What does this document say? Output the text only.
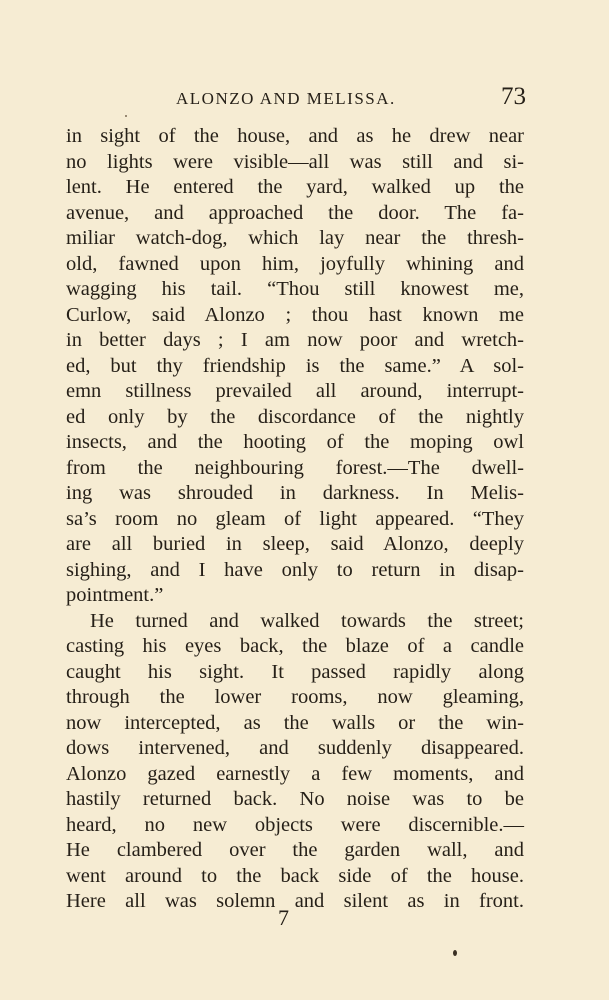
ALONZO AND MELISSA.	73
in sight of the house, and as he drew near
no lights were visible—all was still and si-
lent. He entered the yard, walked up the
avenue, and approached the door. The fa-
miliar watch-dog, which lay near the thresh-
old, fawned upon him, joyfully whining and
wagging his tail. “Thou still knowest me,
Curlow, said Alonzo ; thou hast known me
in better days ; I am now poor and wretch-
ed, but thy friendship is the same.” A sol-
emn stillness prevailed all around, interrupt-
ed only by the discordance of the nightly
insects, and the hooting of the moping owl
from the neighbouring forest.—The dwell-
ing was shrouded in darkness. In Melis-
sa’s room no gleam of light appeared. “They
are all buried in sleep, said Alonzo, deeply
sighing, and I have only to return in disap-
pointment.”
He turned and walked towards the street;
casting his eyes back, the blaze of a candle
caught his sight. It passed rapidly along
through the lower rooms, now gleaming,
now intercepted, as the walls or the win-
dows intervened, and suddenly disappeared.
Alonzo gazed earnestly a few moments, and
hastily returned back. No noise was to be
heard, no new objects were discernible.—
He clambered over the garden wall, and
went around to the back side of the house.
Here all was solemn and silent as in front.
7
